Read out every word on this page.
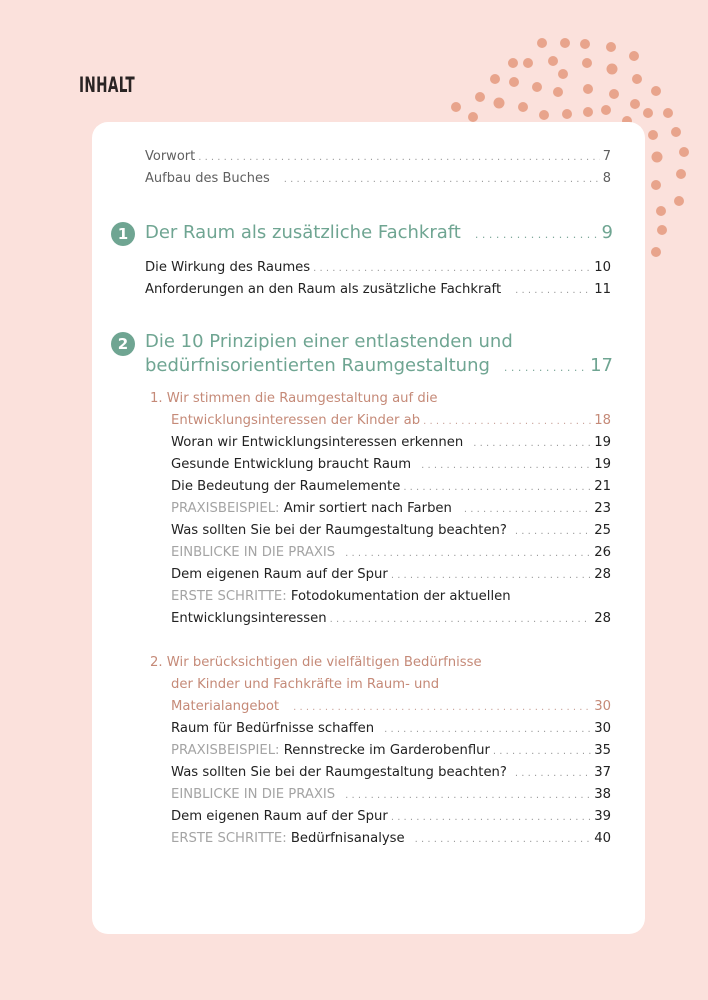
INHALT
Vorwort . . .	7
Aufbau des Buches . . .	8
1 Der Raum als zusätzliche Fachkraft . . .	9
Die Wirkung des Raumes . . .	10
Anforderungen an den Raum als zusätzliche Fachkraft . . .	11
2 Die 10 Prinzipien einer entlastenden und
bedürfnisorientierten Raumgestaltung . . .	17
1. Wir stimmen die Raumgestaltung auf die
Entwicklungsinteressen der Kinder ab . . .	18
Woran wir Entwicklungsinteressen erkennen . . .	19
Gesunde Entwicklung braucht Raum . . .	19
Die Bedeutung der Raumelemente . . .	21
PRAXISBEISPIEL: Amir sortiert nach Farben . . .	23
Was sollten Sie bei der Raumgestaltung beachten? . . .	25
EINBLICKE IN DIE PRAXIS . . .	26
Dem eigenen Raum auf der Spur . . .	28
ERSTE SCHRITTE: Fotodokumentation der aktuellen
Entwicklungsinteressen . . .	28
2. Wir berücksichtigen die vielfältigen Bedürfnisse
der Kinder und Fachkräfte im Raum- und
Materialangebot . . .	30
Raum für Bedürfnisse schaffen . . .	30
PRAXISBEISPIEL: Rennstrecke im Garderobenflur . . .	35
Was sollten Sie bei der Raumgestaltung beachten? . . .	37
EINBLICKE IN DIE PRAXIS . . .	38
Dem eigenen Raum auf der Spur . . .	39
ERSTE SCHRITTE: Bedürfnisanalyse . . .	40
